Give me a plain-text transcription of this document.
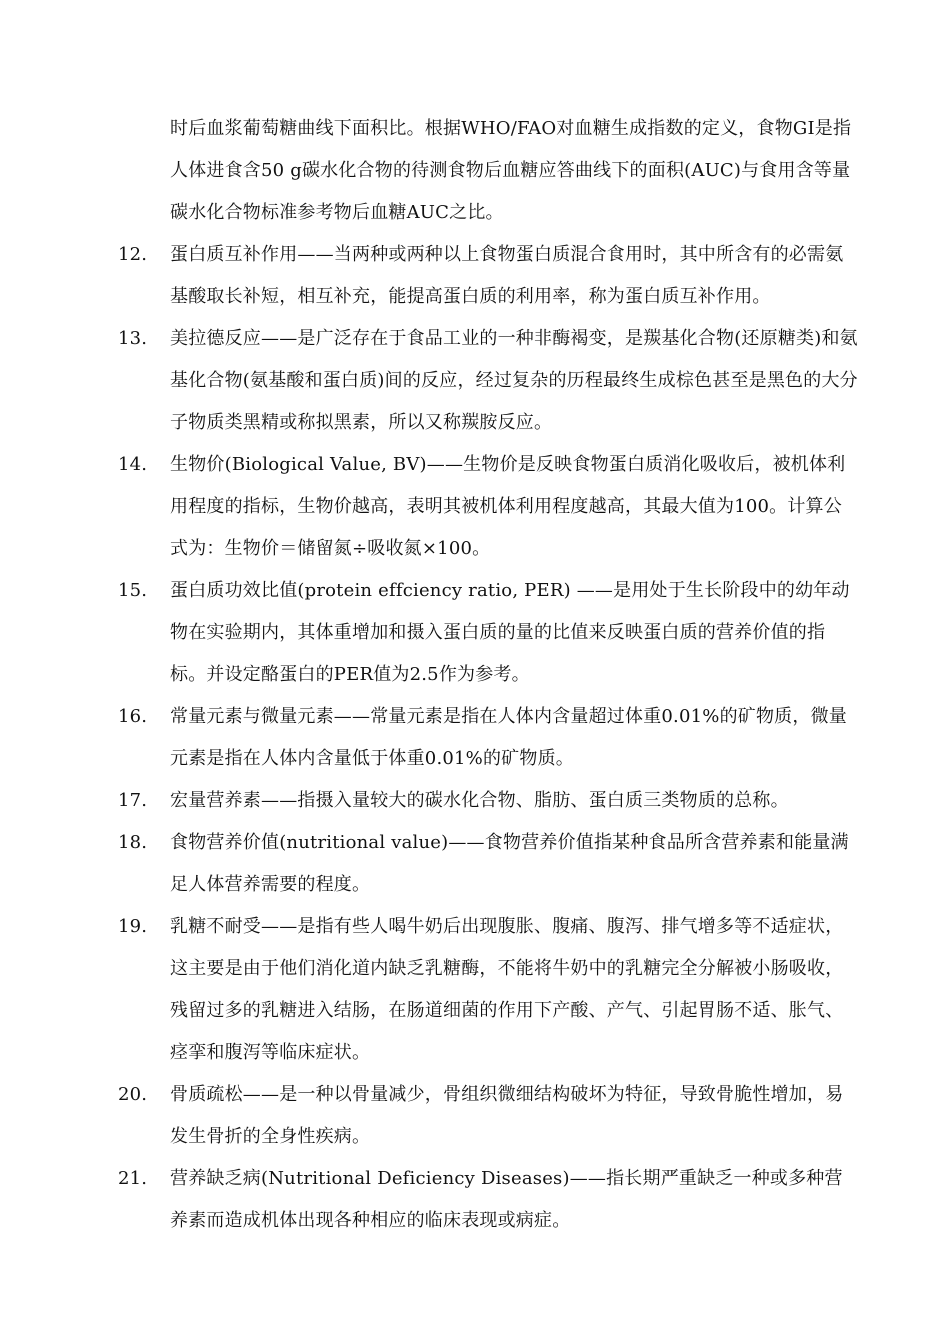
时后血浆葡萄糖曲线下面积比。根据WHO/FAO对血糖生成指数的定义，食物GI是指人体进食含50 g碳水化合物的待测食物后血糖应答曲线下的面积(AUC)与食用含等量碳水化合物标准参考物后血糖AUC之比。
12.	蛋白质互补作用——当两种或两种以上食物蛋白质混合食用时，其中所含有的必需氨基酸取长补短，相互补充，能提高蛋白质的利用率，称为蛋白质互补作用。
13.	美拉德反应——是广泛存在于食品工业的一种非酶褐变，是羰基化合物(还原糖类)和氨基化合物(氨基酸和蛋白质)间的反应，经过复杂的历程最终生成棕色甚至是黑色的大分子物质类黑精或称拟黑素，所以又称羰胺反应。
14.	生物价(Biological Value, BV)——生物价是反映食物蛋白质消化吸收后，被机体利用程度的指标，生物价越高，表明其被机体利用程度越高，其最大值为100。计算公式为：生物价＝储留氮÷吸收氮×100。
15.	蛋白质功效比值(protein effciency ratio, PER) ——是用处于生长阶段中的幼年动物在实验期内，其体重增加和摄入蛋白质的量的比值来反映蛋白质的营养价值的指标。并设定酪蛋白的PER值为2.5作为参考。
16.	常量元素与微量元素——常量元素是指在人体内含量超过体重0.01%的矿物质，微量元素是指在人体内含量低于体重0.01%的矿物质。
17.	宏量营养素——指摄入量较大的碳水化合物、脂肪、蛋白质三类物质的总称。
18.	食物营养价值(nutritional value)——食物营养价值指某种食品所含营养素和能量满足人体营养需要的程度。
19.	乳糖不耐受——是指有些人喝牛奶后出现腹胀、腹痛、腹泻、排气增多等不适症状，这主要是由于他们消化道内缺乏乳糖酶，不能将牛奶中的乳糖完全分解被小肠吸收，残留过多的乳糖进入结肠，在肠道细菌的作用下产酸、产气、引起胃肠不适、胀气、痉挛和腹泻等临床症状。
20.	骨质疏松——是一种以骨量减少，骨组织微细结构破坏为特征，导致骨脆性增加，易发生骨折的全身性疾病。
21.	营养缺乏病(Nutritional Deficiency Diseases)——指长期严重缺乏一种或多种营养素而造成机体出现各种相应的临床表现或病症。
